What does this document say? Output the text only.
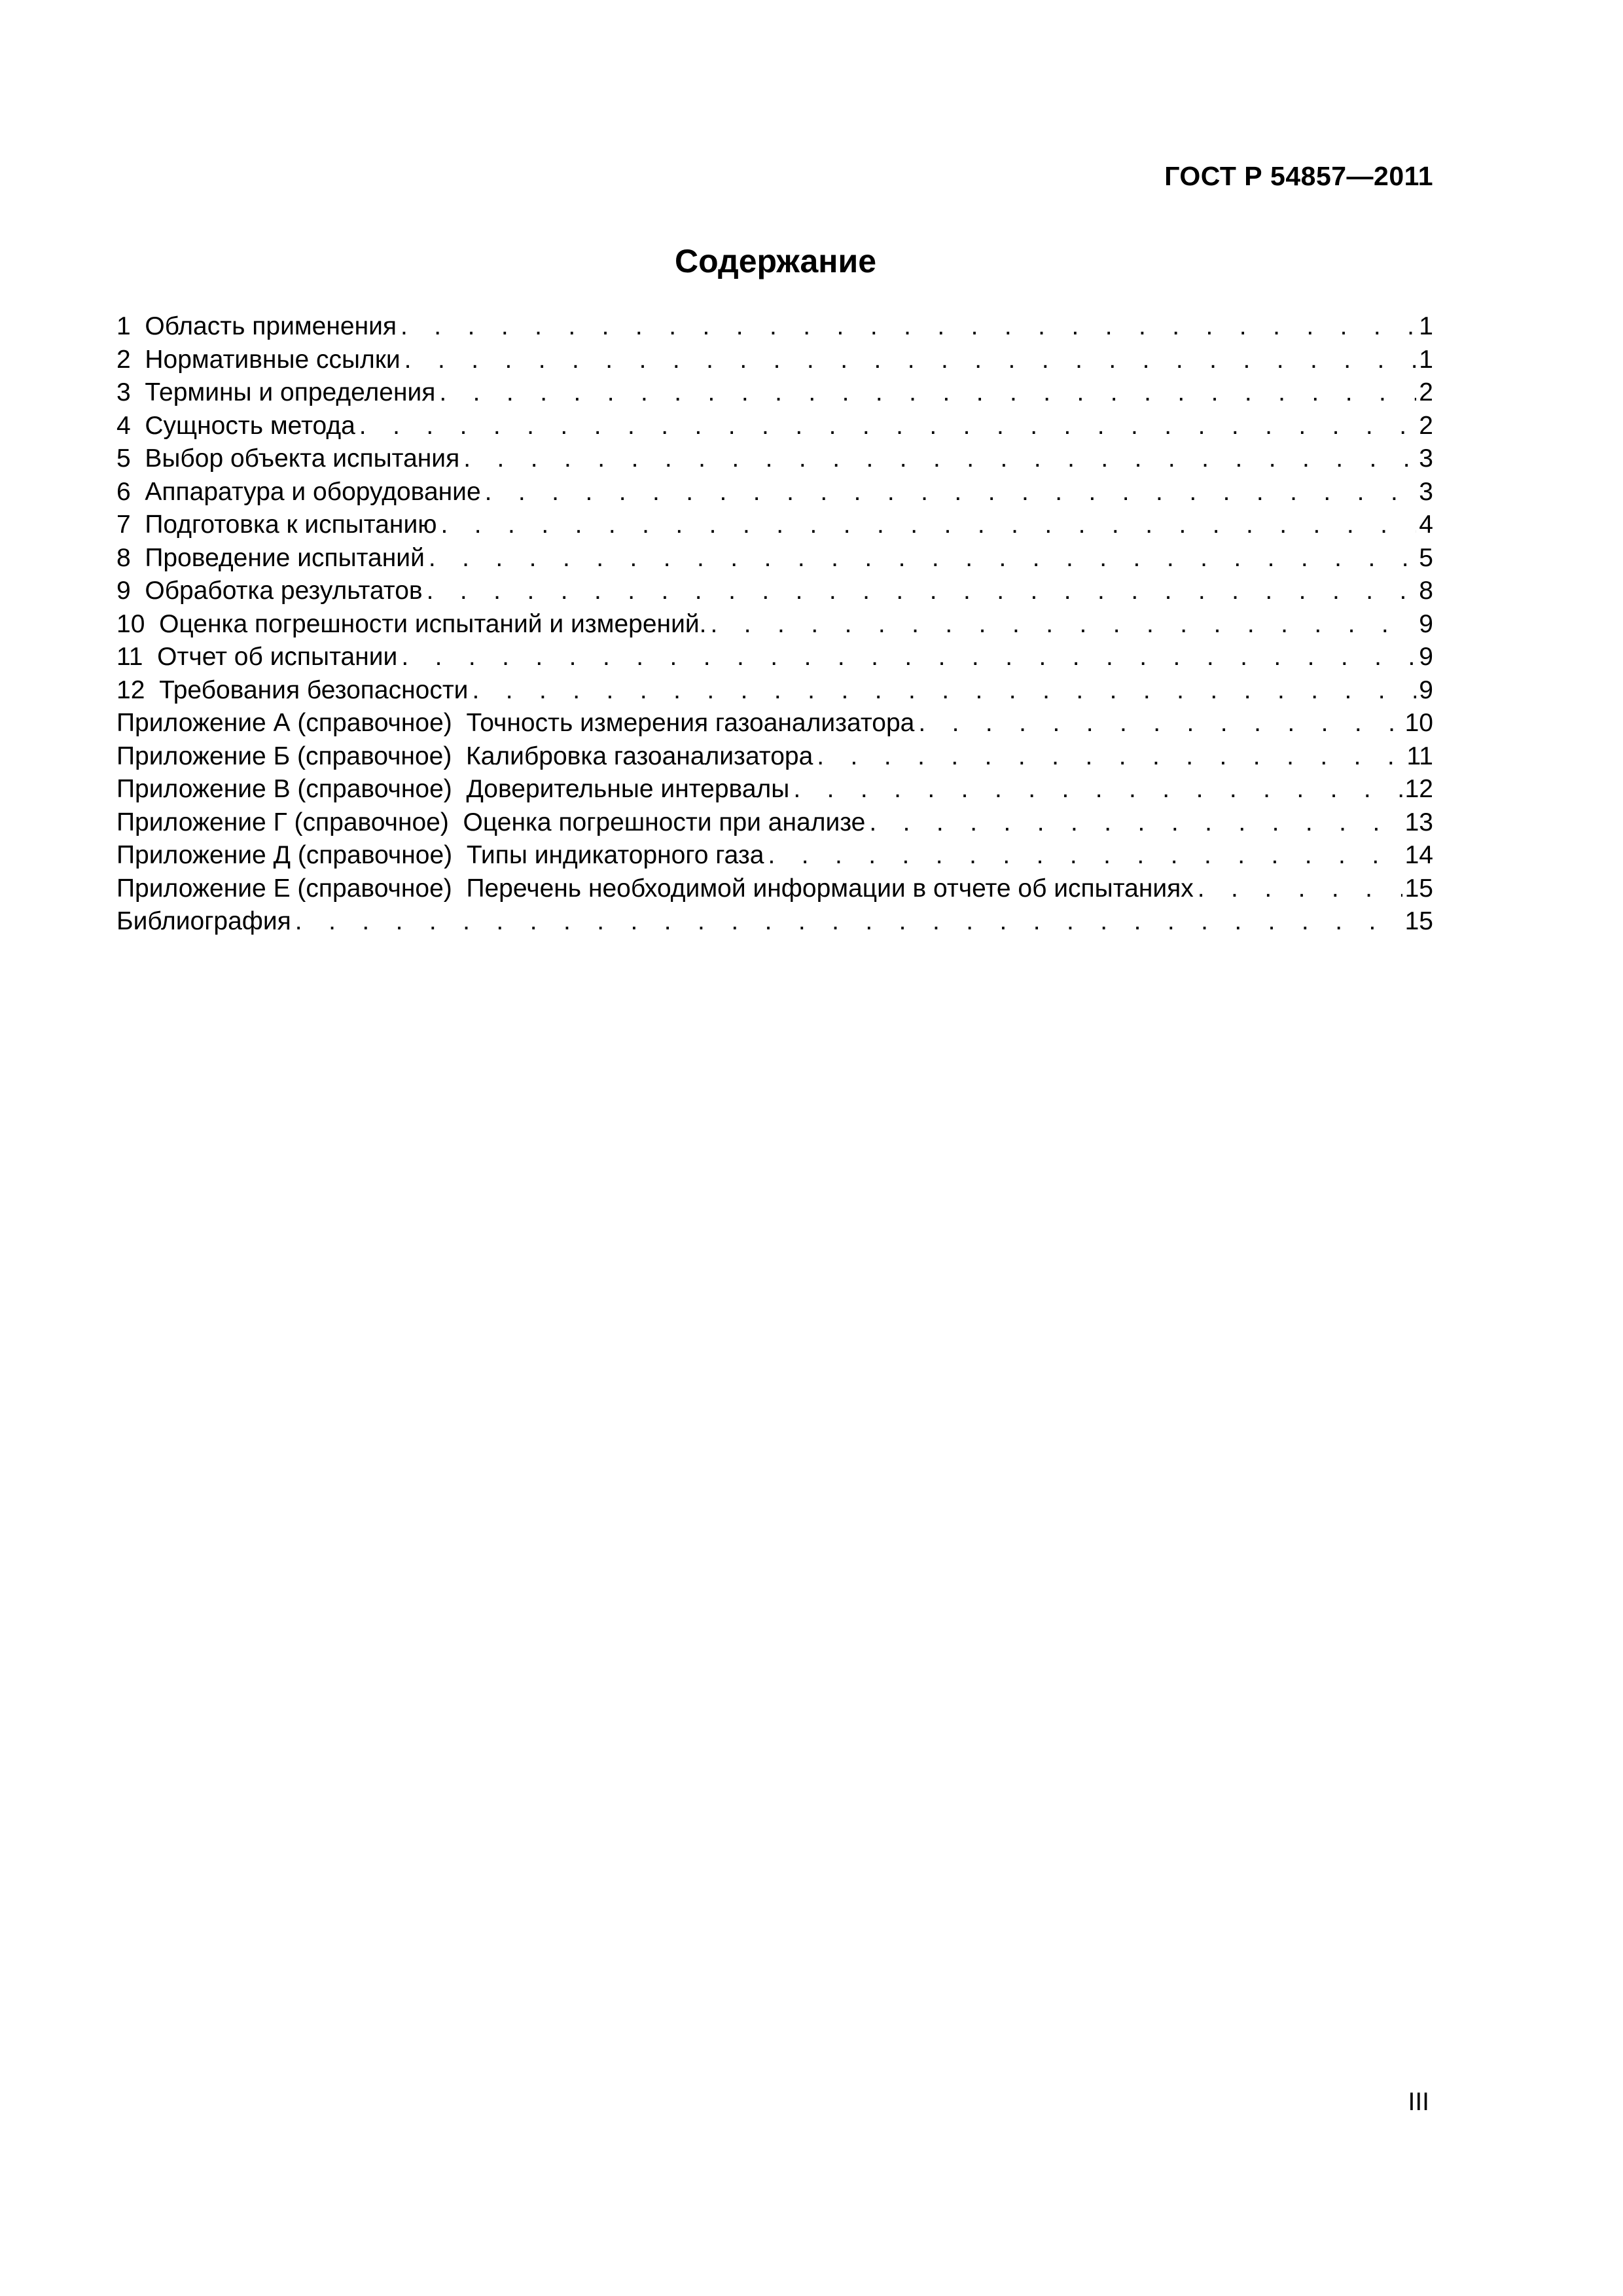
ГОСТ Р 54857—2011
Содержание
1 Область применения . . .	1
2 Нормативные ссылки . . .	1
3 Термины и определения . . .	2
4 Сущность метода . . .	2
5 Выбор объекта испытания . . .	3
6 Аппаратура и оборудование . . .	3
7 Подготовка к испытанию . . .	4
8 Проведение испытаний . . .	5
9 Обработка результатов . . .	8
10 Оценка погрешности испытаний и измерений. . . .	9
11 Отчет об испытании . . .	9
12 Требования безопасности . . .	9
Приложение А (справочное) Точность измерения газоанализатора . . .	10
Приложение Б (справочное) Калибровка газоанализатора . . .	11
Приложение В (справочное) Доверительные интервалы . . .	12
Приложение Г (справочное) Оценка погрешности при анализе . . .	13
Приложение Д (справочное) Типы индикаторного газа . . .	14
Приложение Е (справочное) Перечень необходимой информации в отчете об испытаниях . . .	15
Библиография . . .	15
III
